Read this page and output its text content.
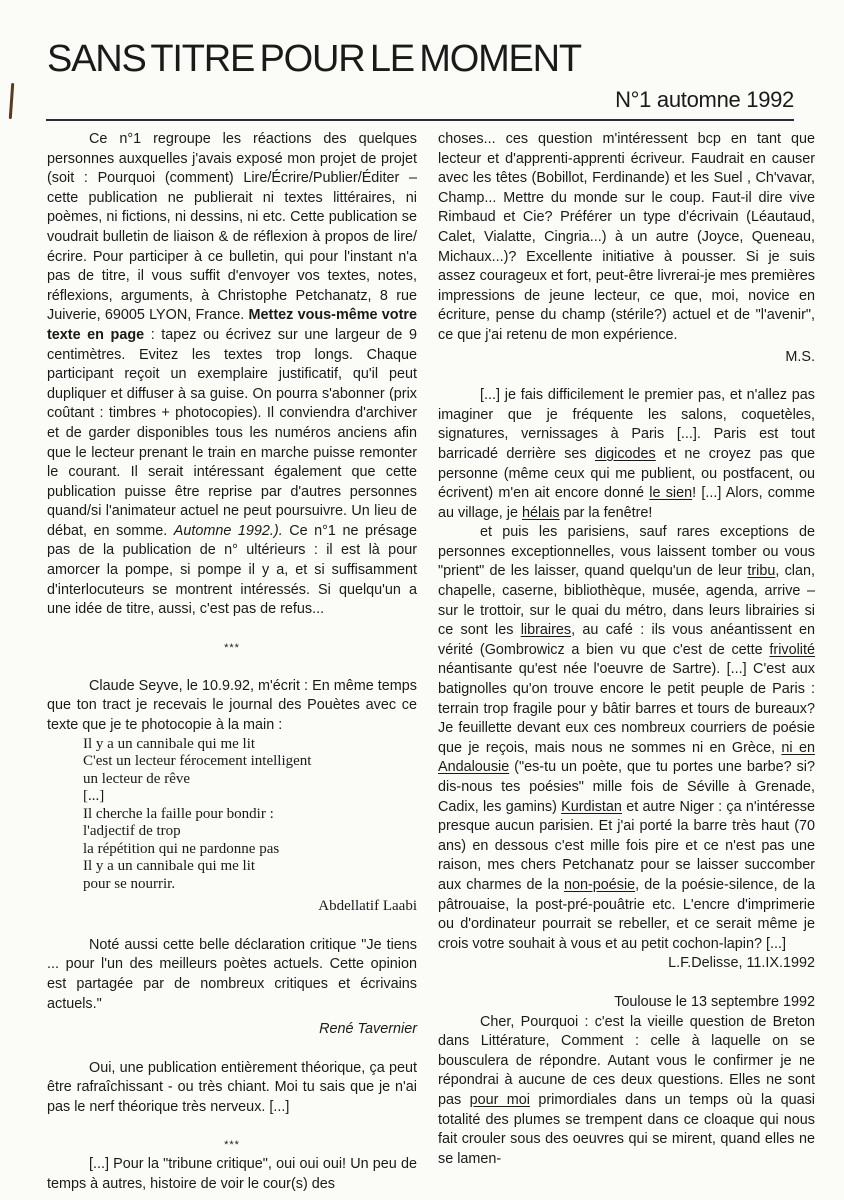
SANS TITRE POUR LE MOMENT
N°1 automne 1992

Ce n°1 regroupe les réactions des quelques personnes auxquelles j'avais exposé mon projet de projet (soit : Pourquoi (comment) Lire/Écrire/Publier/Éditer – cette publication ne publierait ni textes littéraires, ni poèmes, ni fictions, ni dessins, ni etc. Cette publication se voudrait bulletin de liaison & de réflexion à propos de lire/écrire. Pour participer à ce bulletin, qui pour l'instant n'a pas de titre, il vous suffit d'envoyer vos textes, notes, réflexions, arguments, à Christophe Petchanatz, 8 rue Juiverie, 69005 LYON, France. Mettez vous-même votre texte en page : tapez ou écrivez sur une largeur de 9 centimètres. Evitez les textes trop longs. Chaque participant reçoit un exemplaire justificatif, qu'il peut dupliquer et diffuser à sa guise. On pourra s'abonner (prix coûtant : timbres + photocopies). Il conviendra d'archiver et de garder disponibles tous les numéros anciens afin que le lecteur prenant le train en marche puisse remonter le courant. Il serait intéressant également que cette publication puisse être reprise par d'autres personnes quand/si l'animateur actuel ne peut poursuivre. Un lieu de débat, en somme. Automne 1992.). Ce n°1 ne présage pas de la publication de n° ultérieurs : il est là pour amorcer la pompe, si pompe il y a, et si suffisamment d'interlocuteurs se montrent intéressés. Si quelqu'un a une idée de titre, aussi, c'est pas de refus...

***

Claude Seyve, le 10.9.92, m'écrit : En même temps que ton tract je recevais le journal des Pouètes avec ce texte que je te photocopie à la main :

Il y a un cannibale qui me lit
C'est un lecteur férocement intelligent
un lecteur de rêve
[...]
Il cherche la faille pour bondir :
l'adjectif de trop
la répétition qui ne pardonne pas
Il y a un cannibale qui me lit
pour se nourrir.
Abdellatif Laabi

Noté aussi cette belle déclaration critique "Je tiens ... pour l'un des meilleurs poètes actuels. Cette opinion est partagée par de nombreux critiques et écrivains actuels."

René Tavernier

Oui, une publication entièrement théorique, ça peut être rafraîchissant - ou très chiant. Moi tu sais que je n'ai pas le nerf théorique très nerveux. [...]

***

[...] Pour la "tribune critique", oui oui oui! Un peu de temps à autres, histoire de voir le cour(s) des

choses... ces question m'intéressent bcp en tant que lecteur et d'apprenti-apprenti écriveur. Faudrait en causer avec les têtes (Bobillot, Ferdinande) et les Suel , Ch'vavar, Champ... Mettre du monde sur le coup. Faut-il dire vive Rimbaud et Cie? Préférer un type d'écrivain (Léautaud, Calet, Vialatte, Cingria...) à un autre (Joyce, Queneau, Michaux...)? Excellente initiative à pousser. Si je suis assez courageux et fort, peut-être livrerai-je mes premières impressions de jeune lecteur, ce que, moi, novice en écriture, pense du champ (stérile?) actuel et de "l'avenir", ce que j'ai retenu de mon expérience.

M.S.

[...] je fais difficilement le premier pas, et n'allez pas imaginer que je fréquente les salons, coquetèles, signatures, vernissages à Paris [...]. Paris est tout barricadé derrière ses digicodes et ne croyez pas que personne (même ceux qui me publient, ou postfacent, ou écrivent) m'en ait encore donné le sien! [...] Alors, comme au village, je hélais par la fenêtre!

et puis les parisiens, sauf rares exceptions de personnes exceptionnelles, vous laissent tomber ou vous "prient" de les laisser, quand quelqu'un de leur tribu, clan, chapelle, caserne, bibliothèque, musée, agenda, arrive – sur le trottoir, sur le quai du métro, dans leurs librairies si ce sont les libraires, au café : ils vous anéantissent en vérité (Gombrowicz a bien vu que c'est de cette frivolité néantisante qu'est née l'oeuvre de Sartre). [...] C'est aux batignolles qu'on trouve encore le petit peuple de Paris : terrain trop fragile pour y bâtir barres et tours de bureaux? Je feuillette devant eux ces nombreux courriers de poésie que je reçois, mais nous ne sommes ni en Grèce, ni en Andalousie ("es-tu un poète, que tu portes une barbe? si? dis-nous tes poésies" mille fois de Séville à Grenade, Cadix, les gamins) Kurdistan et autre Niger : ça n'intéresse presque aucun parisien. Et j'ai porté la barre très haut (70 ans) en dessous c'est mille fois pire et ce n'est pas une raison, mes chers Petchanatz pour se laisser succomber aux charmes de la non-poésie, de la poésie-silence, de la pâtrouaise, la post-pré-pouâtrie etc. L'encre d'imprimerie ou d'ordinateur pourrait se rebeller, et ce serait même je crois votre souhait à vous et au petit cochon-lapin? [...]

L.F.Delisse, 11.IX.1992
Toulouse le 13 septembre 1992

Cher, Pourquoi : c'est la vieille question de Breton dans Littérature, Comment : celle à laquelle on se bousculera de répondre. Autant vous le confirmer je ne répondrai à aucune de ces deux questions. Elles ne sont pas pour moi primordiales dans un temps où la quasi totalité des plumes se trempent dans ce cloaque qui nous fait crouler sous des oeuvres qui se mirent, quand elles ne se lamen-
